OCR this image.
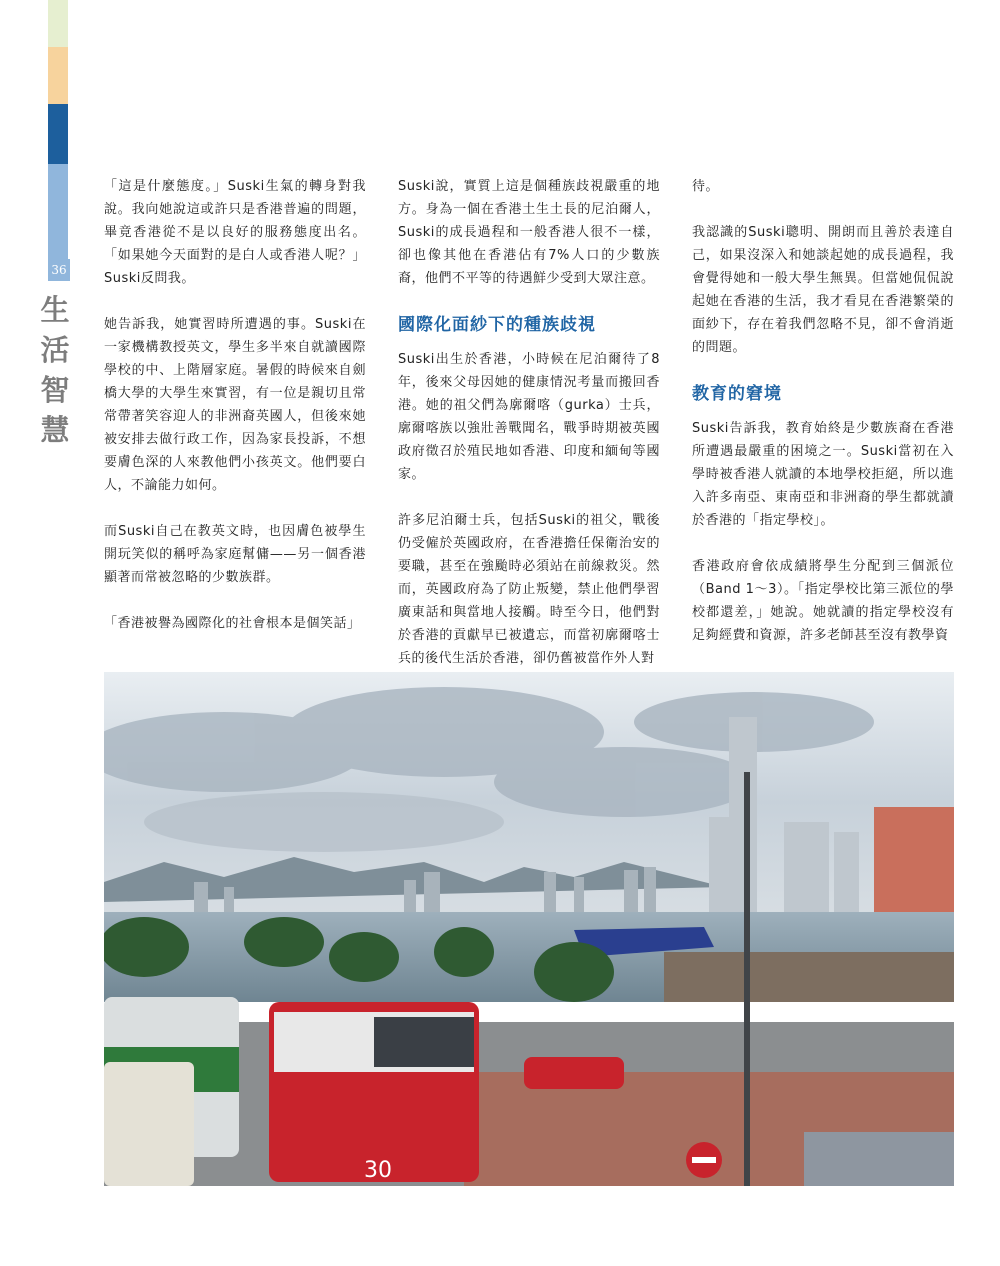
36
生
活
智
慧

「這是什麼態度。」Suski生氣的轉身對我說。我向她說這或許只是香港普遍的問題，畢竟香港從不是以良好的服務態度出名。「如果她今天面對的是白人或香港人呢？」Suski反問我。

她告訴我，她實習時所遭遇的事。Suski在一家機構教授英文，學生多半來自就讀國際學校的中、上階層家庭。暑假的時候來自劍橋大學的大學生來實習，有一位是親切且常常帶著笑容迎人的非洲裔英國人，但後來她被安排去做行政工作，因為家長投訴，不想要膚色深的人來教他們小孩英文。他們要白人，不論能力如何。

而Suski自己在教英文時，也因膚色被學生開玩笑似的稱呼為家庭幫傭——另一個香港顯著而常被忽略的少數族群。

「香港被譽為國際化的社會根本是個笑話」

Suski說，實質上這是個種族歧視嚴重的地方。身為一個在香港土生土長的尼泊爾人，Suski的成長過程和一般香港人很不一樣，卻也像其他在香港佔有7%人口的少數族裔，他們不平等的待遇鮮少受到大眾注意。

國際化面紗下的種族歧視

Suski出生於香港，小時候在尼泊爾待了8年，後來父母因她的健康情況考量而搬回香港。她的祖父們為廓爾喀（gurka）士兵，廓爾喀族以強壯善戰聞名，戰爭時期被英國政府徵召於殖民地如香港、印度和緬甸等國家。

許多尼泊爾士兵，包括Suski的祖父，戰後仍受僱於英國政府，在香港擔任保衛治安的要職，甚至在強颱時必須站在前線救災。然而，英國政府為了防止叛變，禁止他們學習廣東話和與當地人接觸。時至今日，他們對於香港的貢獻早已被遺忘，而當初廓爾喀士兵的後代生活於香港，卻仍舊被當作外人對

待。

我認識的Suski聰明、開朗而且善於表達自己，如果沒深入和她談起她的成長過程，我會覺得她和一般大學生無異。但當她侃侃說起她在香港的生活，我才看見在香港繁榮的面紗下，存在着我們忽略不見，卻不會消逝的問題。

教育的窘境

Suski告訴我，教育始終是少數族裔在香港所遭遇最嚴重的困境之一。Suski當初在入學時被香港人就讀的本地學校拒絕，所以進入許多南亞、東南亞和非洲裔的學生都就讀於香港的「指定學校」。

香港政府會依成績將學生分配到三個派位（Band 1～3）。「指定學校比第三派位的學校都還差，」她說。她就讀的指定學校沒有足夠經費和資源，許多老師甚至沒有教學資

30
